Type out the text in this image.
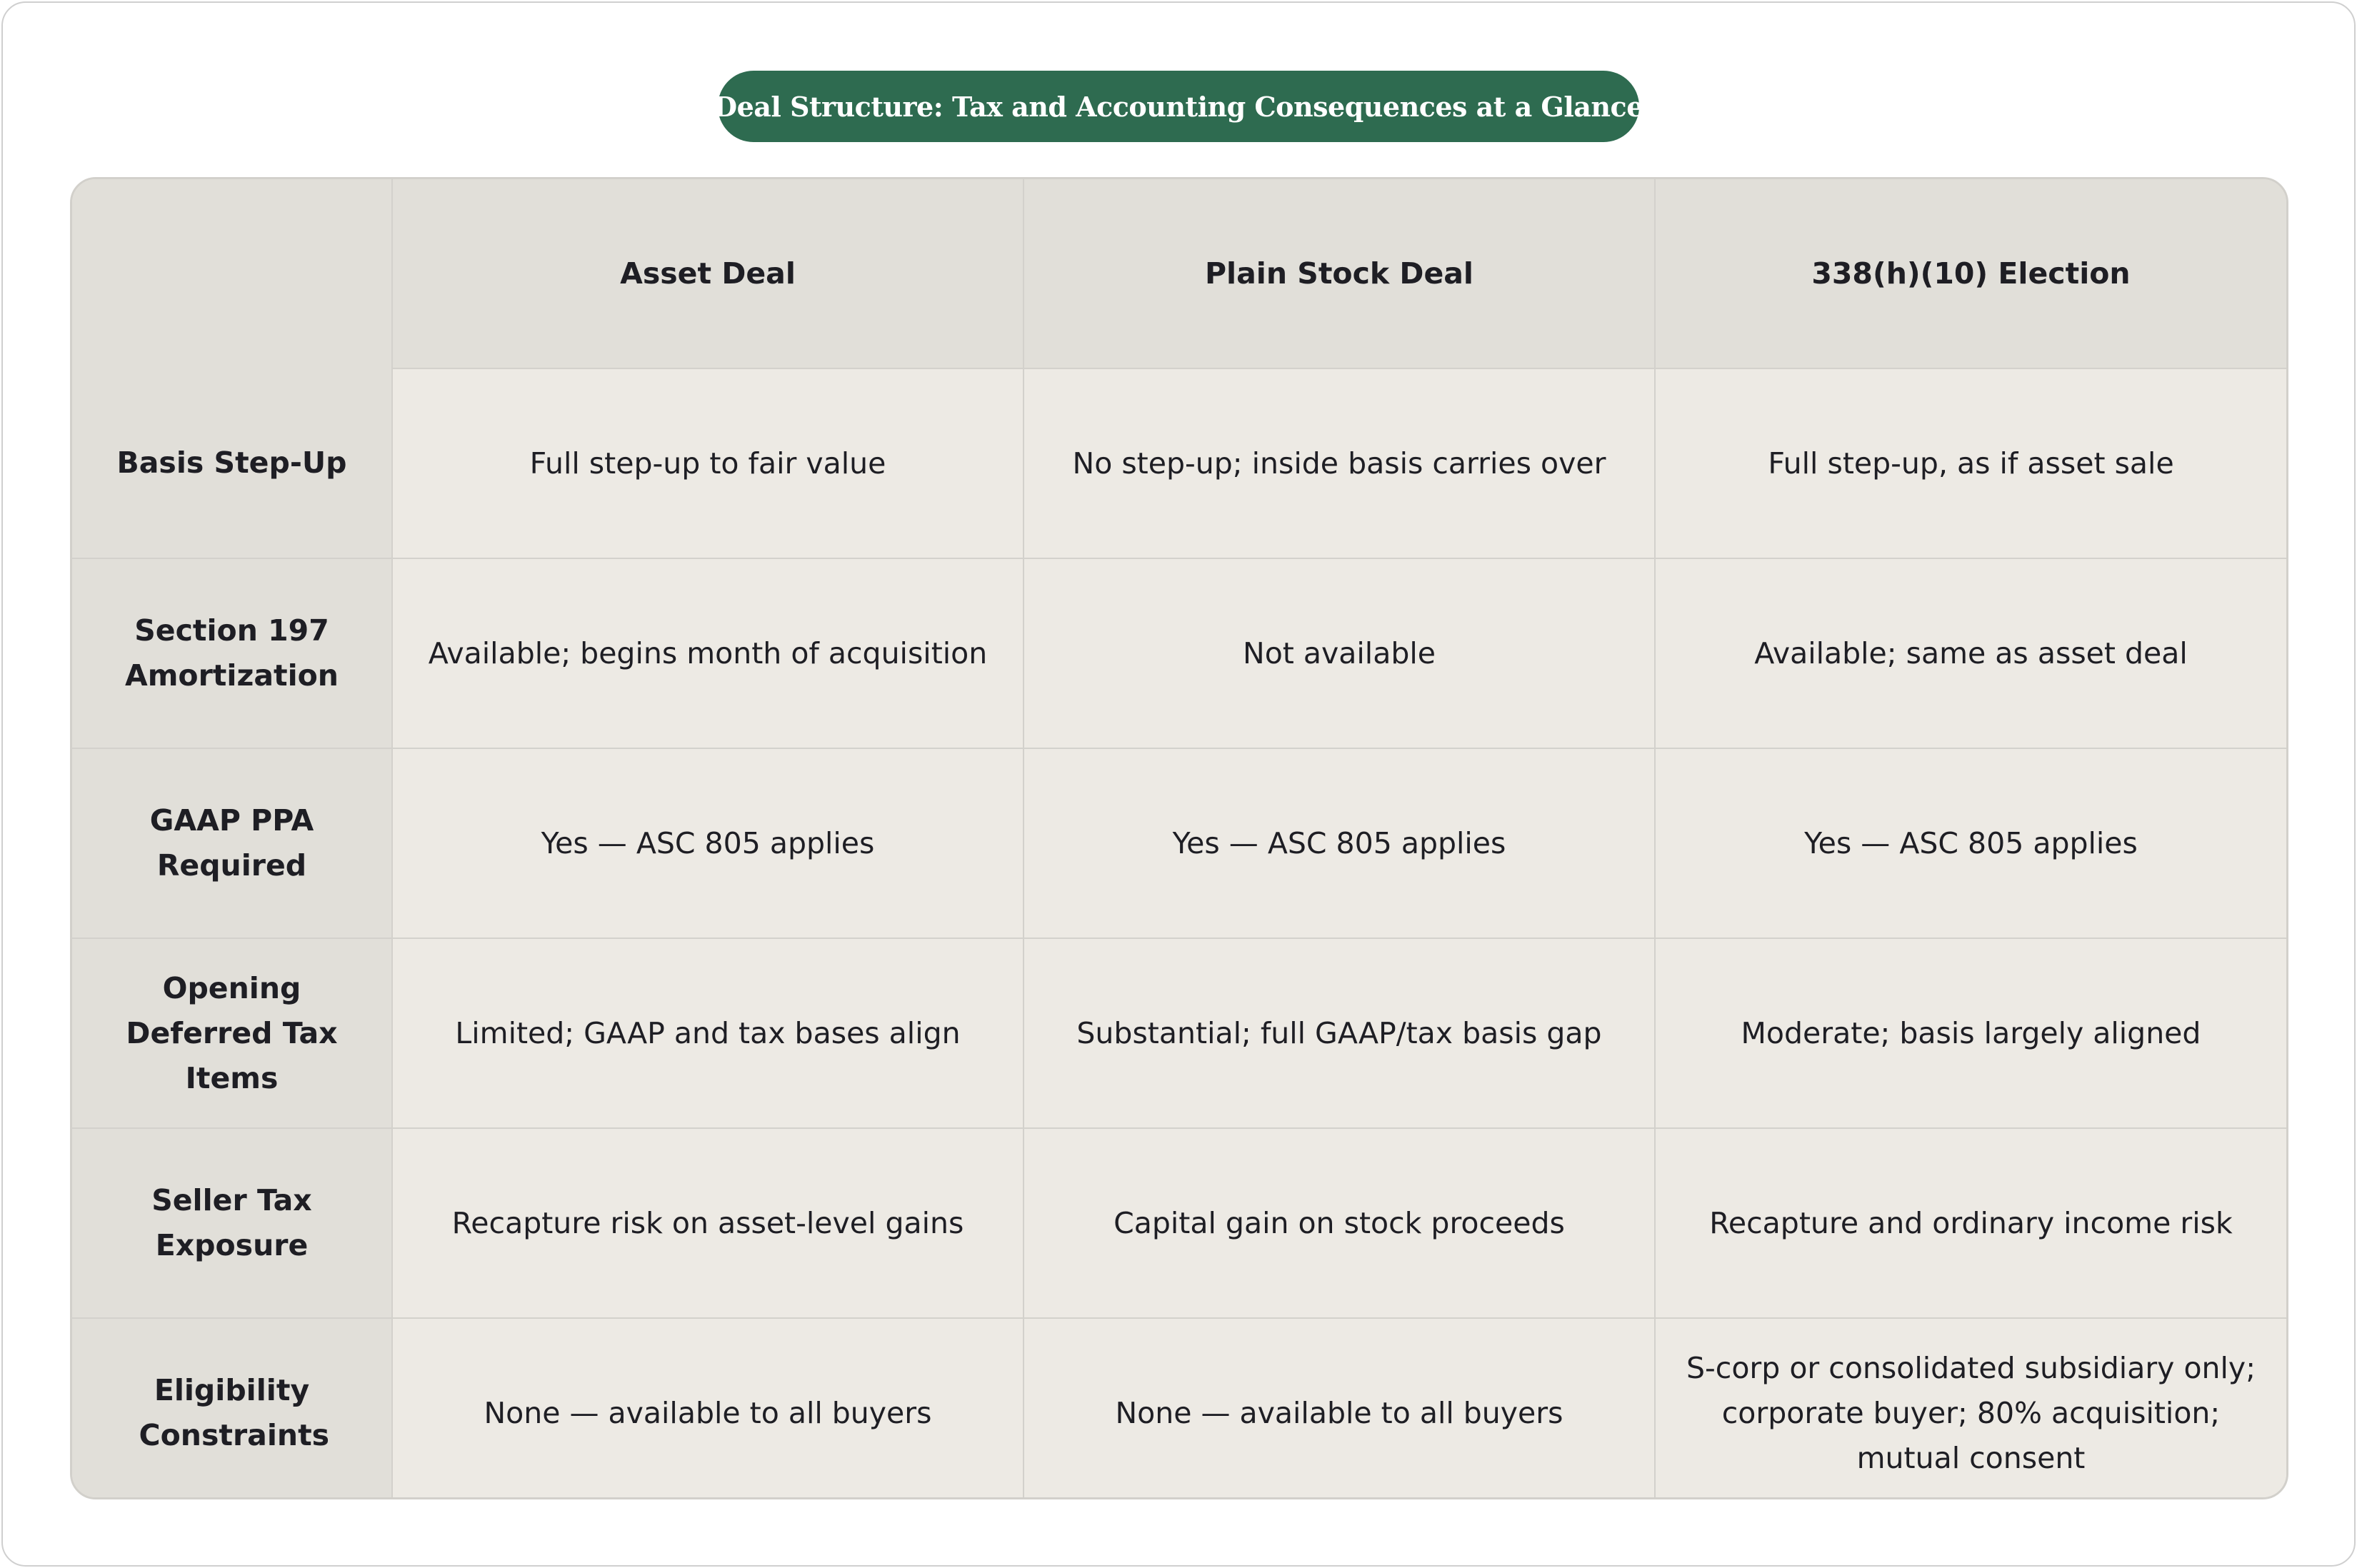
Deal Structure: Tax and Accounting Consequences at a Glance
	Asset Deal	Plain Stock Deal	338(h)(10) Election
Basis Step-Up	Full step-up to fair value	No step-up; inside basis carries over	Full step-up, as if asset sale
Section 197 Amortization	Available; begins month of acquisition	Not available	Available; same as asset deal
GAAP PPA Required	Yes — ASC 805 applies	Yes — ASC 805 applies	Yes — ASC 805 applies
Opening Deferred Tax Items	Limited; GAAP and tax bases align	Substantial; full GAAP/tax basis gap	Moderate; basis largely aligned
Seller Tax Exposure	Recapture risk on asset-level gains	Capital gain on stock proceeds	Recapture and ordinary income risk
Eligibility Constraints	None — available to all buyers	None — available to all buyers	S-corp or consolidated subsidiary only; corporate buyer; 80% acquisition; mutual consent
